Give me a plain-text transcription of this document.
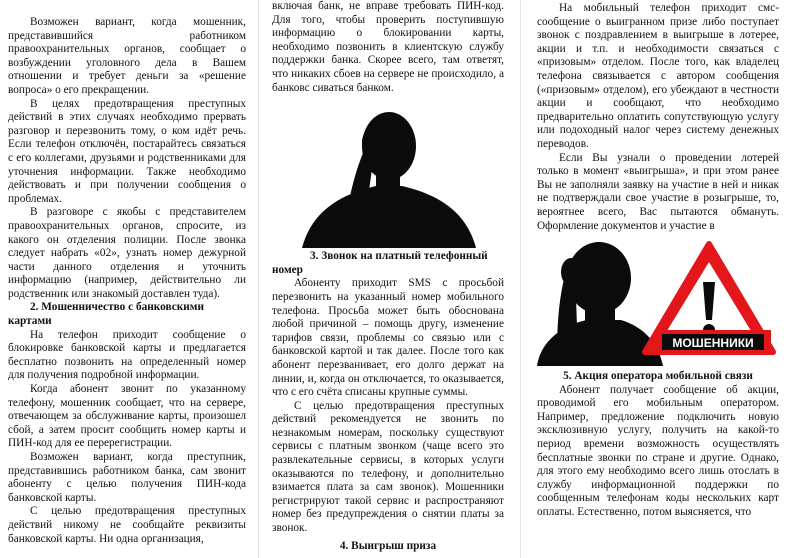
Возможен вариант, когда мошенник, представившийся работником правоохранительных органов, сообщает о возбуждении уголовного дела в Вашем отношении и требует деньги за «решение вопроса» о его прекращении.

В целях предотвращения преступных действий в этих случаях необходимо прервать разговор и перезвонить тому, о ком идёт речь. Если телефон отключён, постарайтесь связаться с его коллегами, друзьями и родственниками для уточнения информации. Также необходимо действовать и при получении сообщения о проблемах.

В разговоре с якобы с представителем правоохранительных органов, спросите, из какого он отделения полиции. После звонка следует набрать «02», узнать номер дежурной части данного отделения и уточнить информацию (например, действительно ли родственник или знакомый доставлен туда).

2. Мошенничество с банковскими картами

На телефон приходит сообщение о блокировке банковской карты и предлагается бесплатно позвонить на определенный номер для получения подробной информации.

Когда абонент звонит по указанному телефону, мошенник сообщает, что на сервере, отвечающем за обслуживание карты, произошел сбой, а затем просит сообщить номер карты и ПИН-код для ее перерегистрации.

Возможен вариант, когда преступник, представившись работником банка, сам звонит абоненту с целью получения ПИН-кода банковской карты.

С целью предотвращения преступных действий никому не сообщайте реквизиты банковской карты. Ни одна организация,

включая банк, не вправе требовать ПИН-код. Для того, чтобы проверить поступившую информацию о блокировании карты, необходимо позвонить в клиентскую службу поддержки банка. Скорее всего, там ответят, что никаких сбоев на сервере не происходило, а банковс сиваться банком.

3. Звонок на платный телефонный номер

Абоненту приходит SMS с просьбой перезвонить на указанный номер мобильного телефона. Просьба может быть обоснована любой причиной – помощь другу, изменение тарифов связи, проблемы со связью или с банковской картой и так далее. После того как абонент перезванивает, его долго держат на линии, и, когда он отключается, то оказывается, что с его счёта списаны крупные суммы.

С целью предотвращения преступных действий рекомендуется не звонить по незнакомым номерам, поскольку существуют сервисы с платным звонком (чаще всего это развлекательные сервисы, в которых услуги оказываются по телефону, и дополнительно взимается плата за сам звонок). Мошенники регистрируют такой сервис и распространяют номер без предупреждения о снятии платы за звонок.

4. Выигрыш приза

На мобильный телефон приходит смс-сообщение о выигранном призе либо поступает звонок с поздравлением в выигрыше в лотерее, акции и т.п. и необходимости связаться с «призовым» отделом. После того, как владелец телефона связывается с автором сообщения («призовым» отделом), его убеждают в честности акции и сообщают, что необходимо предварительно оплатить сопутствующую услугу или подоходный налог через систему денежных переводов.

Если Вы узнали о проведении лотерей только в момент «выигрыша», и при этом ранее Вы не заполняли заявку на участие в ней и никак не подтверждали свое участие в розыгрыше, то, вероятнее всего, Вас пытаются обмануть. Оформление документов и участие в

МОШЕННИКИ

5. Акция оператора мобильной связи

Абонент получает сообщение об акции, проводимой его мобильным оператором. Например, предложение подключить новую эксклюзивную услугу, получить на какой-то период времени возможность осуществлять бесплатные звонки по стране и другие. Однако, для этого ему необходимо всего лишь отослать в службу информационной поддержки по сообщенным телефонам коды нескольких карт оплаты. Естественно, потом выясняется, что
